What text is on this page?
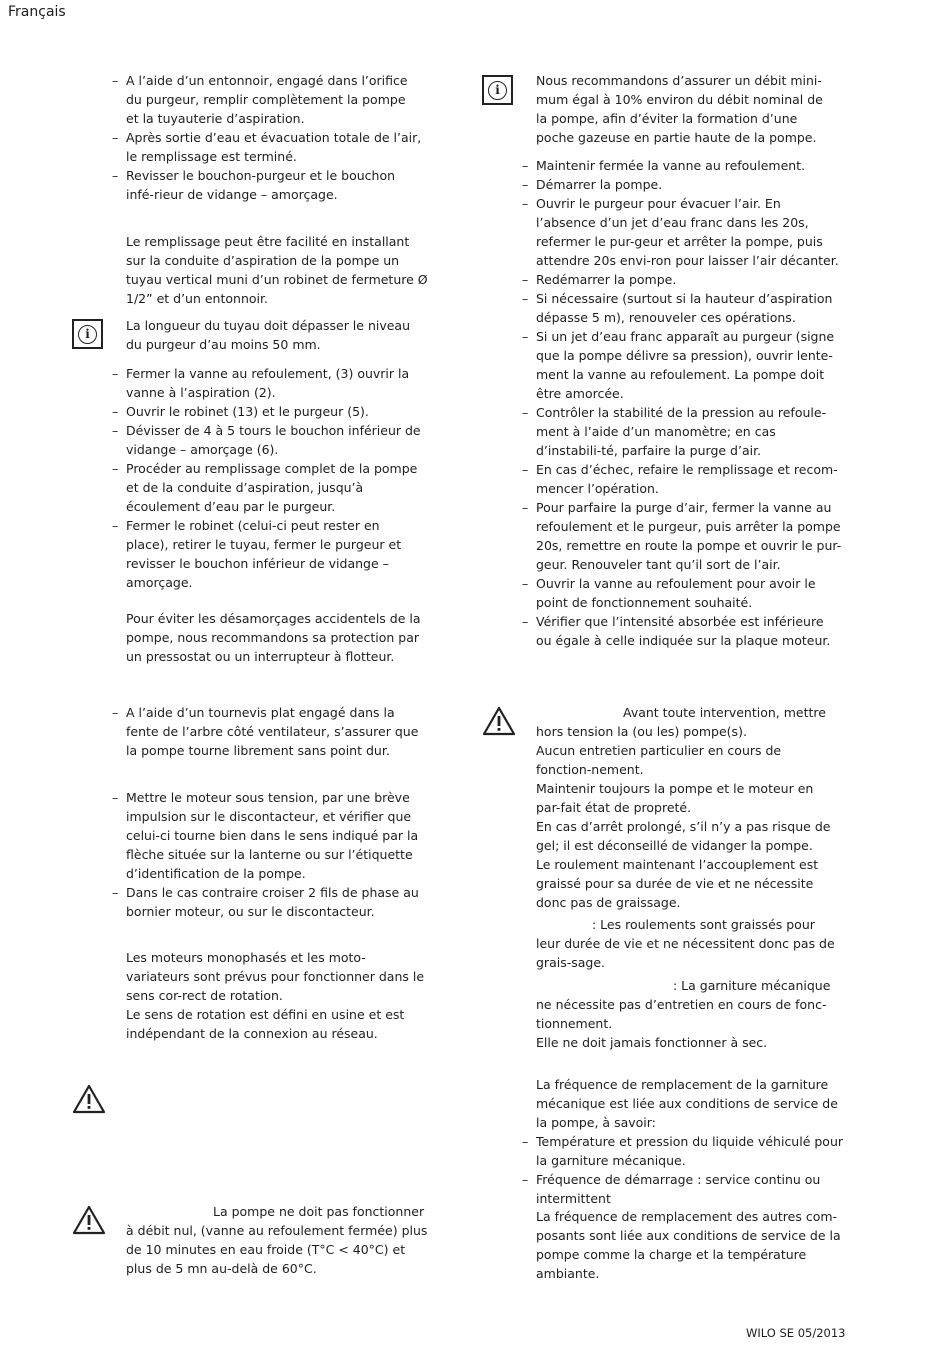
Français
WILO SE 05/2013
– A l’aide d’un entonnoir, engagé dans l’orifice du purgeur, remplir complètement la pompe et la tuyauterie d’aspiration.
– Après sortie d’eau et évacuation totale de l’air, le remplissage est terminé.
– Revisser le bouchon-purgeur et le bouchon infé-rieur de vidange – amorçage.

Le remplissage peut être facilité en installant sur la conduite d’aspiration de la pompe un tuyau vertical muni d’un robinet de fermeture Ø 1/2” et d’un entonnoir.

i

La longueur du tuyau doit dépasser le niveau du purgeur d’au moins 50 mm.

– Fermer la vanne au refoulement, (3) ouvrir la vanne à l’aspiration (2).
– Ouvrir le robinet (13) et le purgeur (5).
– Dévisser de 4 à 5 tours le bouchon inférieur de vidange – amorçage (6).
– Procéder au remplissage complet de la pompe et de la conduite d’aspiration, jusqu’à écoulement d’eau par le purgeur.
– Fermer le robinet (celui-ci peut rester en place), retirer le tuyau, fermer le purgeur et revisser le bouchon inférieur de vidange – amorçage.

Pour éviter les désamorçages accidentels de la pompe, nous recommandons sa protection par un pressostat ou un interrupteur à flotteur.

– A l’aide d’un tournevis plat engagé dans la fente de l’arbre côté ventilateur, s’assurer que la pompe tourne librement sans point dur.
– Mettre le moteur sous tension, par une brève impulsion sur le discontacteur, et vérifier que celui-ci tourne bien dans le sens indiqué par la flèche située sur la lanterne ou sur l’étiquette d’identification de la pompe.
– Dans le cas contraire croiser 2 fils de phase au bornier moteur, ou sur le discontacteur.

Les moteurs monophasés et les moto-variateurs sont prévus pour fonctionner dans le sens cor-rect de rotation.

Le sens de rotation est défini en usine et est indépendant de la connexion au réseau.

La pompe ne doit pas fonctionner à débit nul, (vanne au refoulement fermée) plus de 10 minutes en eau froide (T°C < 40°C) et plus de 5 mn au-delà de 60°C.

i

Nous recommandons d’assurer un débit mini-mum égal à 10% environ du débit nominal de la pompe, afin d’éviter la formation d’une poche gazeuse en partie haute de la pompe.

– Maintenir fermée la vanne au refoulement.
– Démarrer la pompe.
– Ouvrir le purgeur pour évacuer l’air. En l’absence d’un jet d’eau franc dans les 20s, refermer le pur-geur et arrêter la pompe, puis attendre 20s envi-ron pour laisser l’air décanter.
– Redémarrer la pompe.
– Si nécessaire (surtout si la hauteur d’aspiration dépasse 5 m), renouveler ces opérations.
– Si un jet d’eau franc apparaît au purgeur (signe que la pompe délivre sa pression), ouvrir lente-ment la vanne au refoulement. La pompe doit être amorcée.
– Contrôler la stabilité de la pression au refoule-ment à l’aide d’un manomètre; en cas d’instabili-té, parfaire la purge d’air.
– En cas d’échec, refaire le remplissage et recom-mencer l’opération.
– Pour parfaire la purge d’air, fermer la vanne au refoulement et le purgeur, puis arrêter la pompe 20s, remettre en route la pompe et ouvrir le pur-geur. Renouveler tant qu’il sort de l’air.
– Ouvrir la vanne au refoulement pour avoir le point de fonctionnement souhaité.
– Vérifier que l’intensité absorbée est inférieure ou égale à celle indiquée sur la plaque moteur.

Avant toute intervention, mettre hors tension la (ou les) pompe(s).

Aucun entretien particulier en cours de fonction-nement.

Maintenir toujours la pompe et le moteur en par-fait état de propreté.

En cas d’arrêt prolongé, s’il n’y a pas risque de gel; il est déconseillé de vidanger la pompe.

Le roulement maintenant l’accouplement est graissé pour sa durée de vie et ne nécessite donc pas de graissage.

: Les roulements sont graissés pour leur durée de vie et ne nécessitent donc pas de grais-sage.

: La garniture mécanique ne nécessite pas d’entretien en cours de fonc-tionnement.

Elle ne doit jamais fonctionner à sec.

La fréquence de remplacement de la garniture mécanique est liée aux conditions de service de la pompe, à savoir:

– Température et pression du liquide véhiculé pour la garniture mécanique.
– Fréquence de démarrage : service continu ou intermittent

La fréquence de remplacement des autres com-posants sont liée aux conditions de service de la pompe comme la charge et la température ambiante.
